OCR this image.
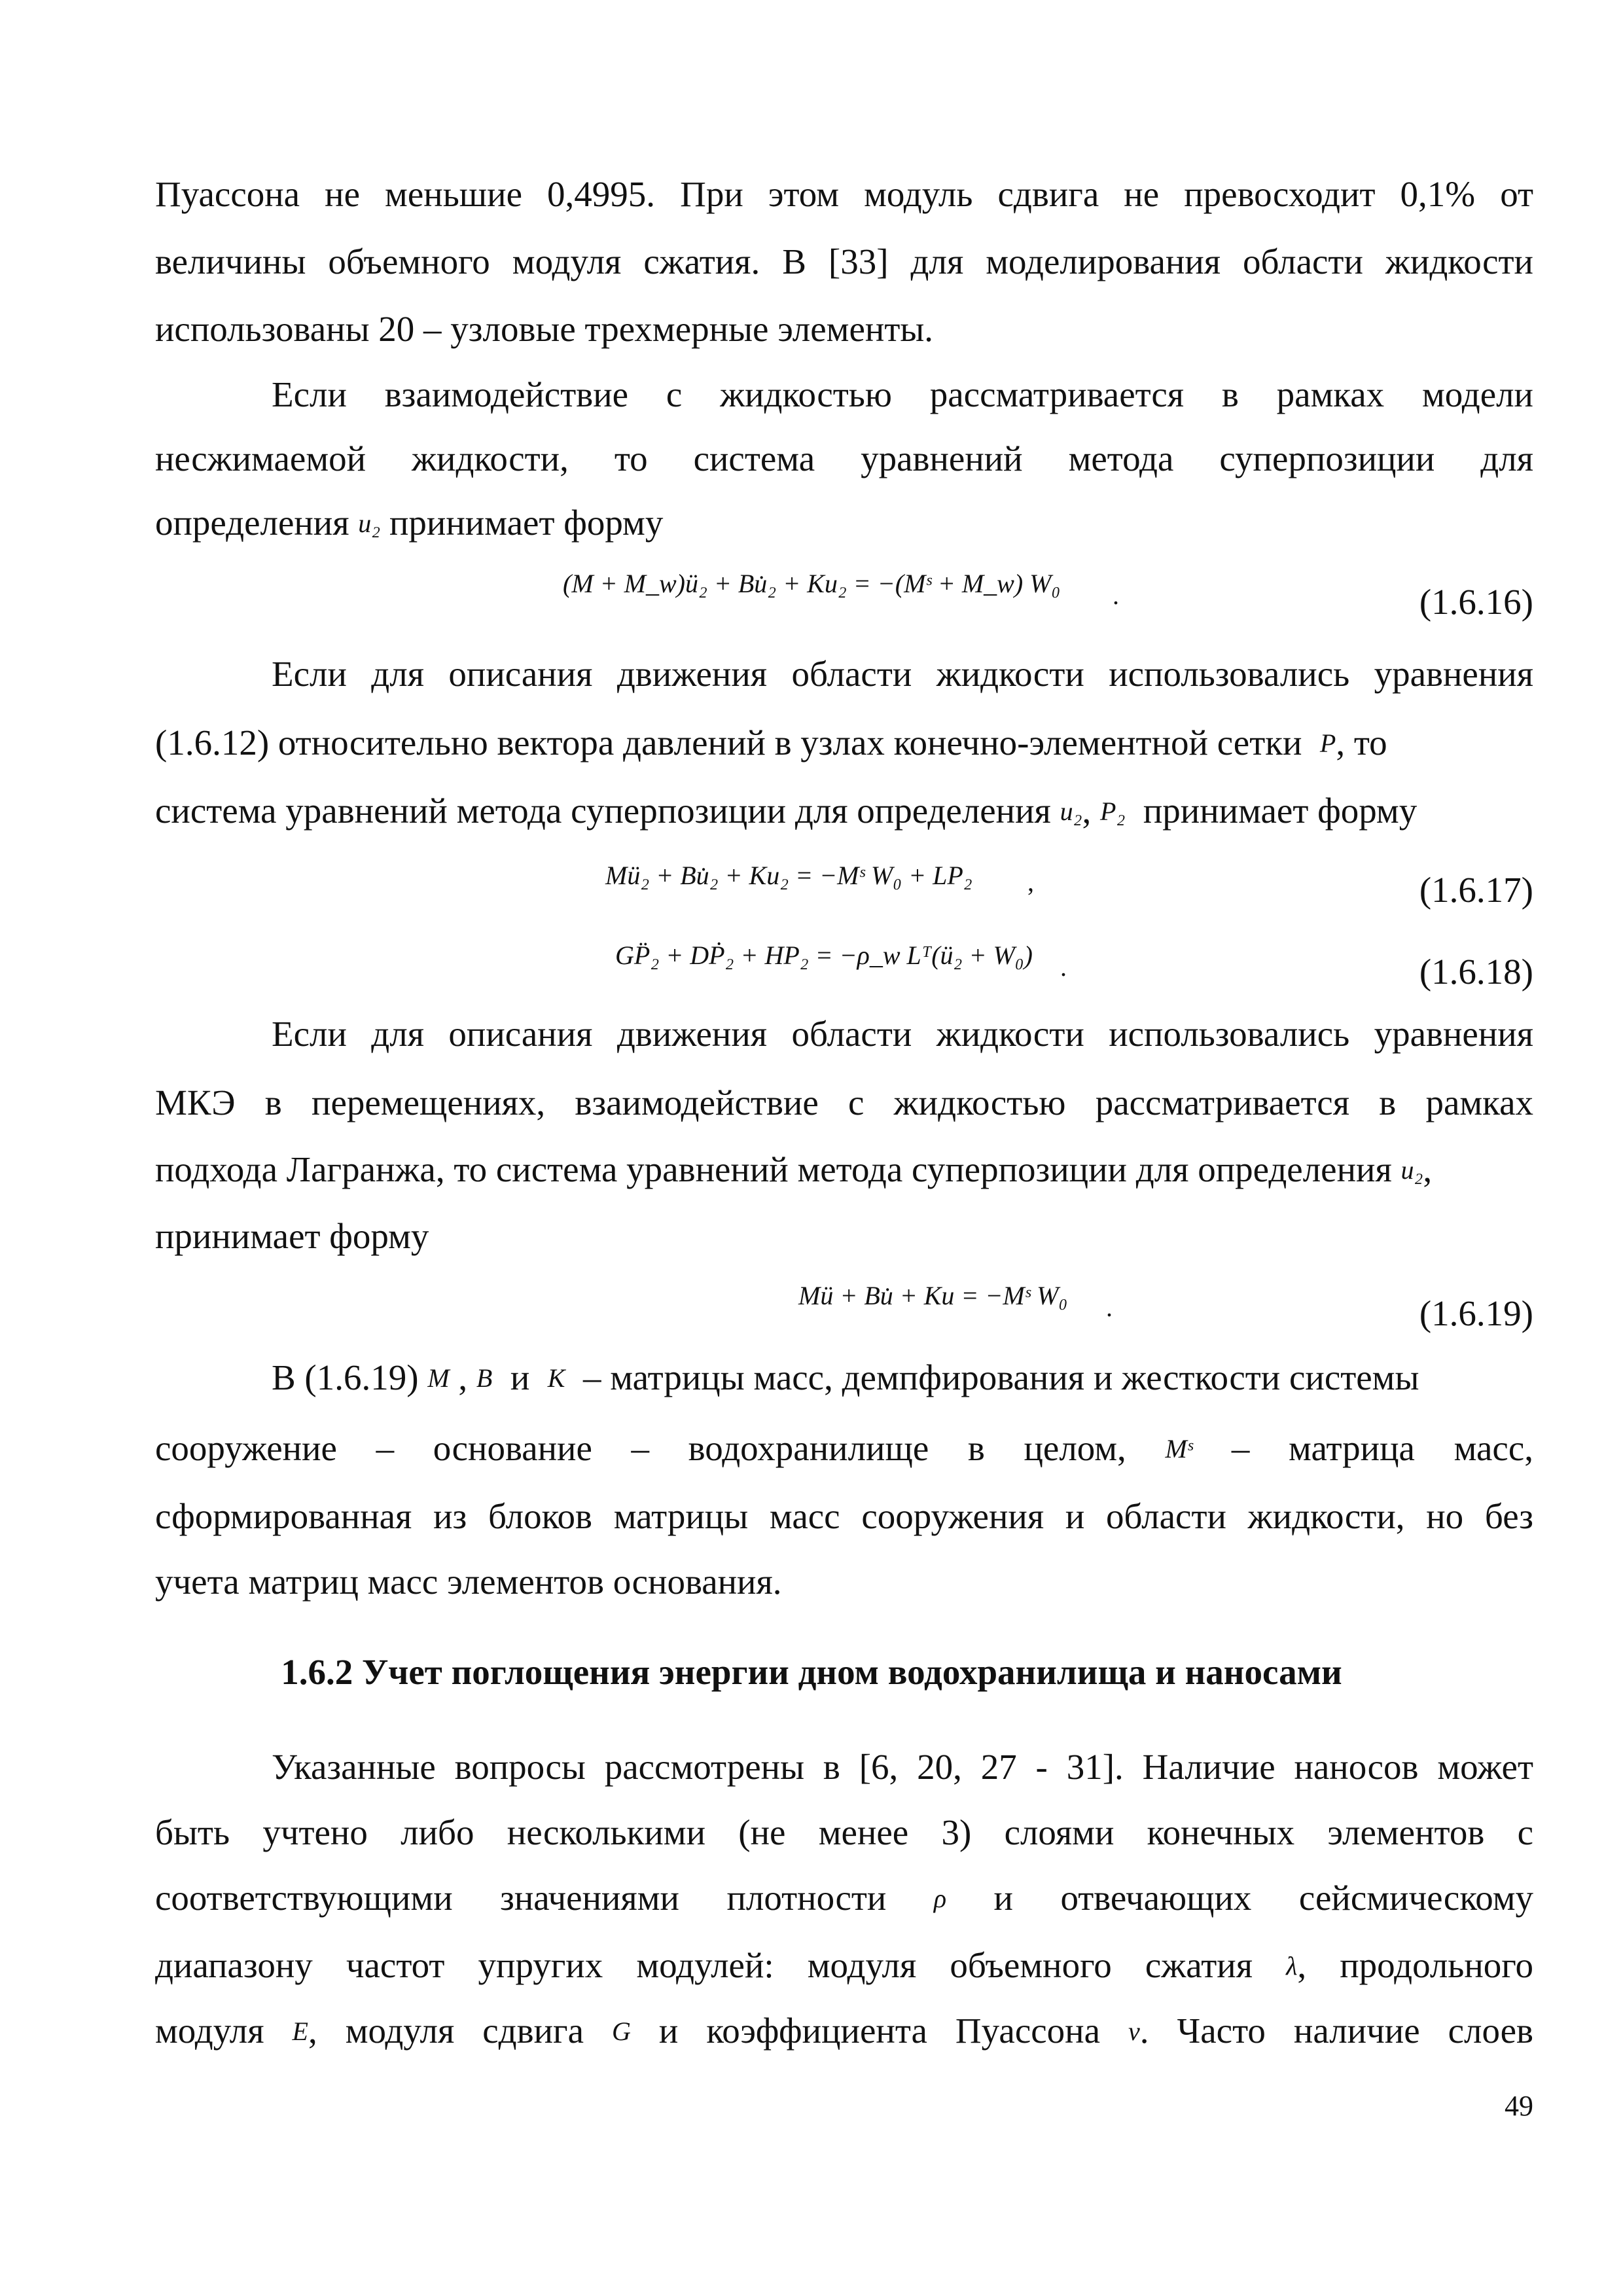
Пуассона не меньшие 0,4995. При этом модуль сдвига не превосходит 0,1% от
величины объемного модуля сжатия. В [33] для моделирования области жидкости
использованы 20 – узловые трехмерные элементы.
Если взаимодействие с жидкостью рассматривается в рамках модели
несжимаемой жидкости, то система уравнений метода суперпозиции для
определения u₂ принимает форму
(M + M_w)ü₂ + Bu̇₂ + Ku₂ = −(Mˢ + M_w) W₀ .	(1.6.16)
Если для описания движения области жидкости использовались уравнения
(1.6.12) относительно вектора давлений в узлах конечно-элементной сетки P, то
система уравнений метода суперпозиции для определения u₂, P₂ принимает форму
Mü₂ + Bu̇₂ + Ku₂ = −Mˢ W₀ + LP₂ ,	(1.6.17)
GP̈₂ + DṖ₂ + HP₂ = −ρ_w Lᵀ(ü₂ + W₀) .	(1.6.18)
Если для описания движения области жидкости использовались уравнения
МКЭ в перемещениях, взаимодействие с жидкостью рассматривается в рамках
подхода Лагранжа, то система уравнений метода суперпозиции для определения u₂,
принимает форму
Mü + Bu̇ + Ku = −Mˢ W₀ .	(1.6.19)
В (1.6.19) M , B и K – матрицы масс, демпфирования и жесткости системы
сооружение – основание – водохранилище в целом, Mˢ – матрица масс,
сформированная из блоков матрицы масс сооружения и области жидкости, но без
учета матриц масс элементов основания.
1.6.2 Учет поглощения энергии дном водохранилища и наносами
Указанные вопросы рассмотрены в [6, 20, 27 - 31]. Наличие наносов может
быть учтено либо несколькими (не менее 3) слоями конечных элементов с
соответствующими значениями плотности ρ и отвечающих сейсмическому
диапазону частот упругих модулей: модуля объемного сжатия λ, продольного
модуля E, модуля сдвига G и коэффициента Пуассона ν. Часто наличие слоев
49
